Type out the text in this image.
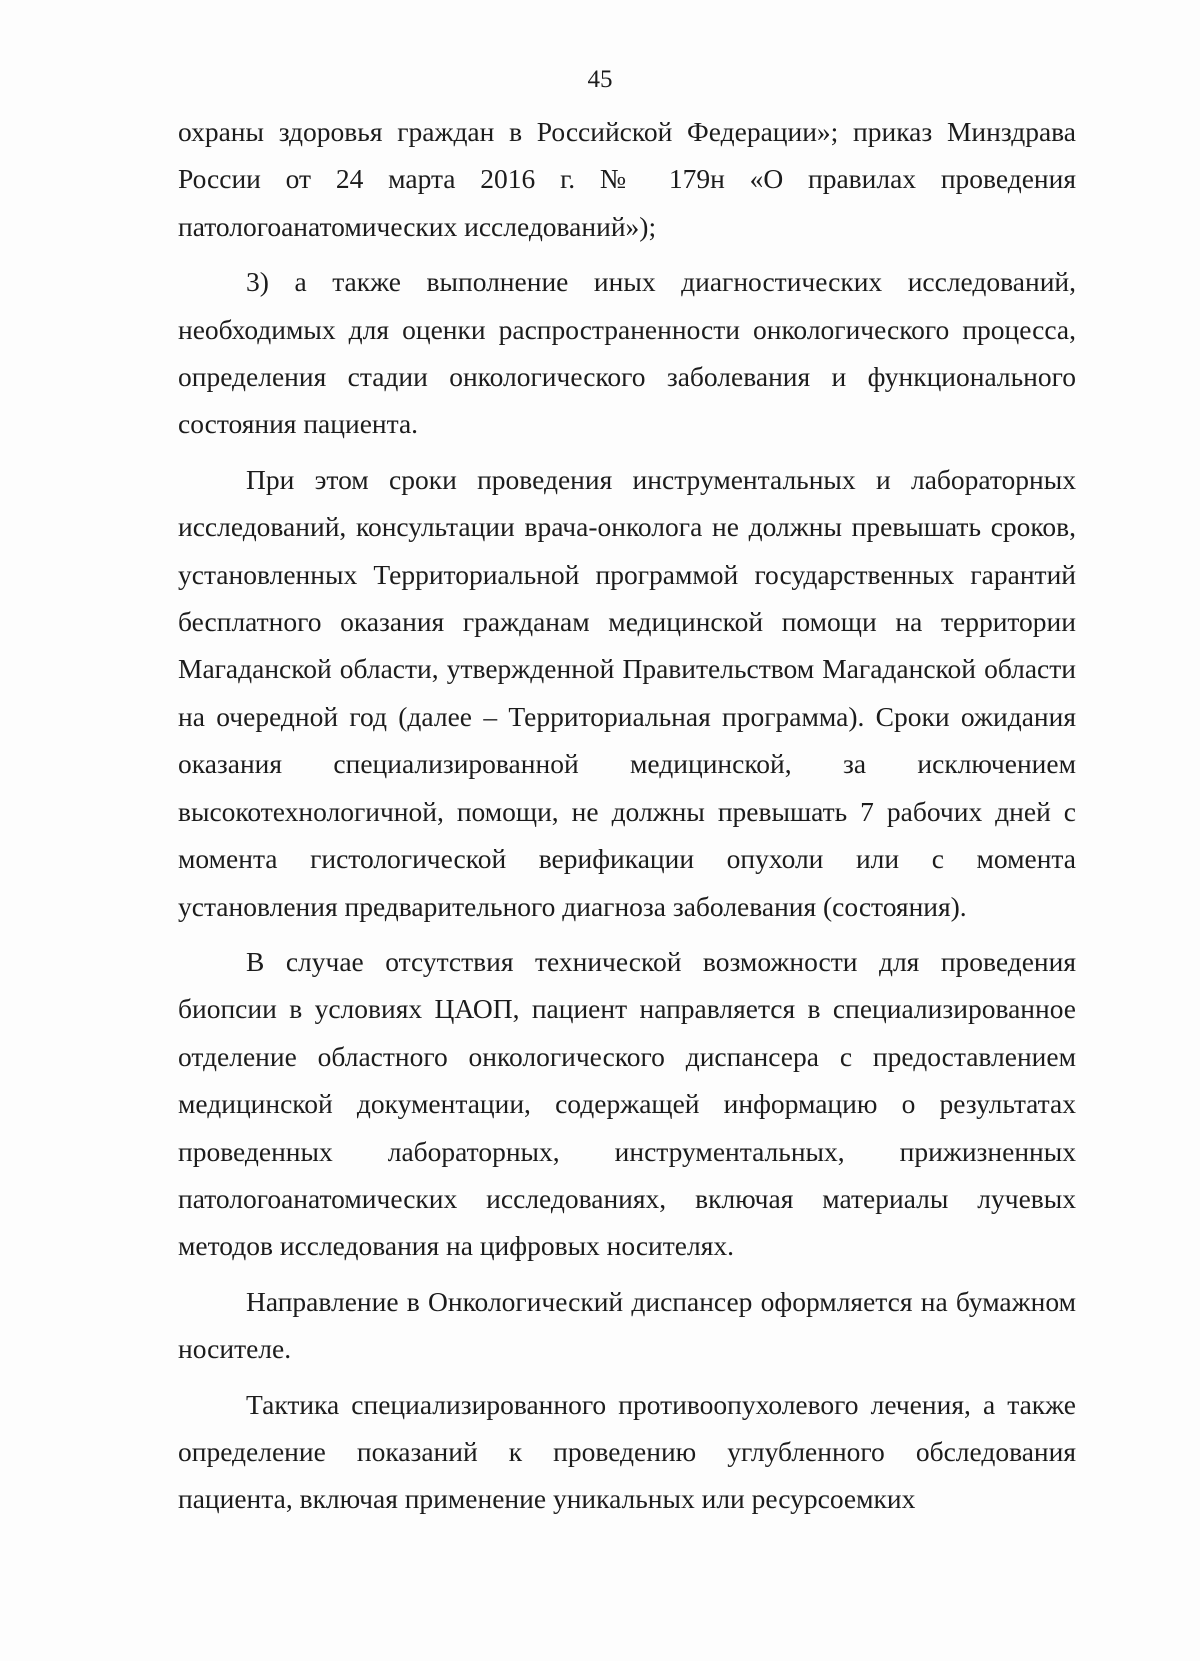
45

охраны здоровья граждан в Российской Федерации»; приказ Минздрава России от 24 марта 2016 г. № 179н «О правилах проведения патологоанатомических исследований»);

3) а также выполнение иных диагностических исследований, необходимых для оценки распространенности онкологического процесса, определения стадии онкологического заболевания и функционального состояния пациента.

При этом сроки проведения инструментальных и лабораторных исследований, консультации врача-онколога не должны превышать сроков, установленных Территориальной программой государственных гарантий бесплатного оказания гражданам медицинской помощи на территории Магаданской области, утвержденной Правительством Магаданской области на очередной год (далее – Территориальная программа). Сроки ожидания оказания специализированной медицинской, за исключением высокотехнологичной, помощи, не должны превышать 7 рабочих дней с момента гистологической верификации опухоли или с момента установления предварительного диагноза заболевания (состояния).

В случае отсутствия технической возможности для проведения биопсии в условиях ЦАОП, пациент направляется в специализированное отделение областного онкологического диспансера с предоставлением медицинской документации, содержащей информацию о результатах проведенных лабораторных, инструментальных, прижизненных патологоанатомических исследованиях, включая материалы лучевых методов исследования на цифровых носителях.

Направление в Онкологический диспансер оформляется на бумажном носителе.

Тактика специализированного противоопухолевого лечения, а также определение показаний к проведению углубленного обследования пациента, включая применение уникальных или ресурсоемких
